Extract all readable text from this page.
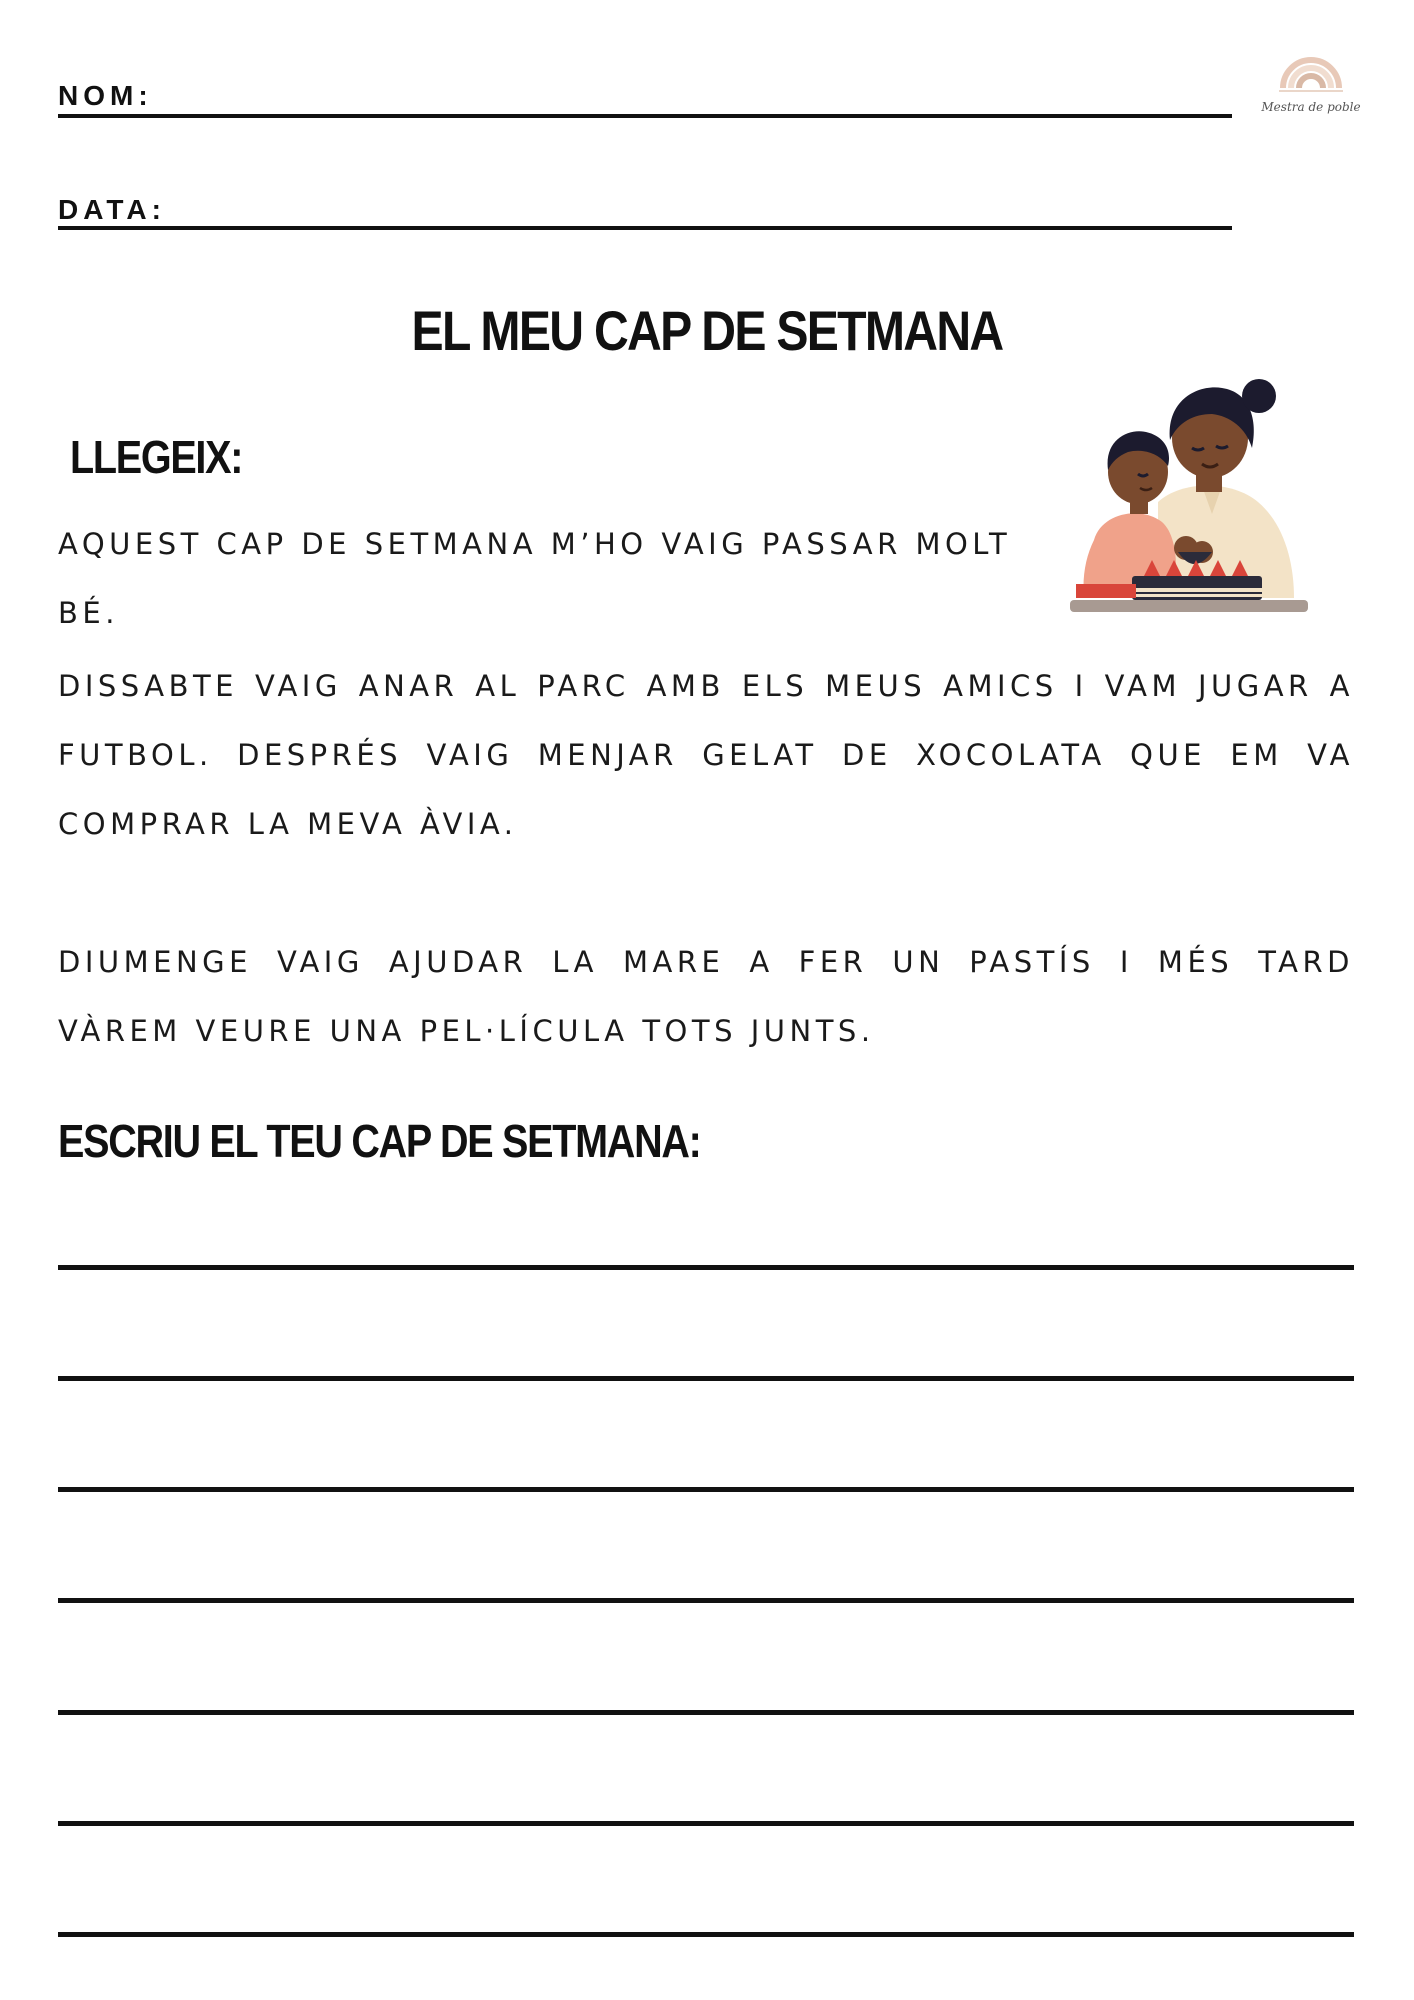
NOM:
DATA:
Mestra de poble
EL MEU CAP DE SETMANA
LLEGEIX:
AQUEST CAP DE SETMANA M’HO VAIG PASSAR MOLT BÉ.
DISSABTE VAIG ANAR AL PARC AMB ELS MEUS AMICS I VAM JUGAR A FUTBOL. DESPRÉS VAIG MENJAR GELAT DE XOCOLATA QUE EM VA COMPRAR LA MEVA ÀVIA.
DIUMENGE VAIG AJUDAR LA MARE A FER UN PASTÍS I MÉS TARD VÀREM VEURE UNA PEL·LÍCULA TOTS JUNTS.
ESCRIU EL TEU CAP DE SETMANA:
